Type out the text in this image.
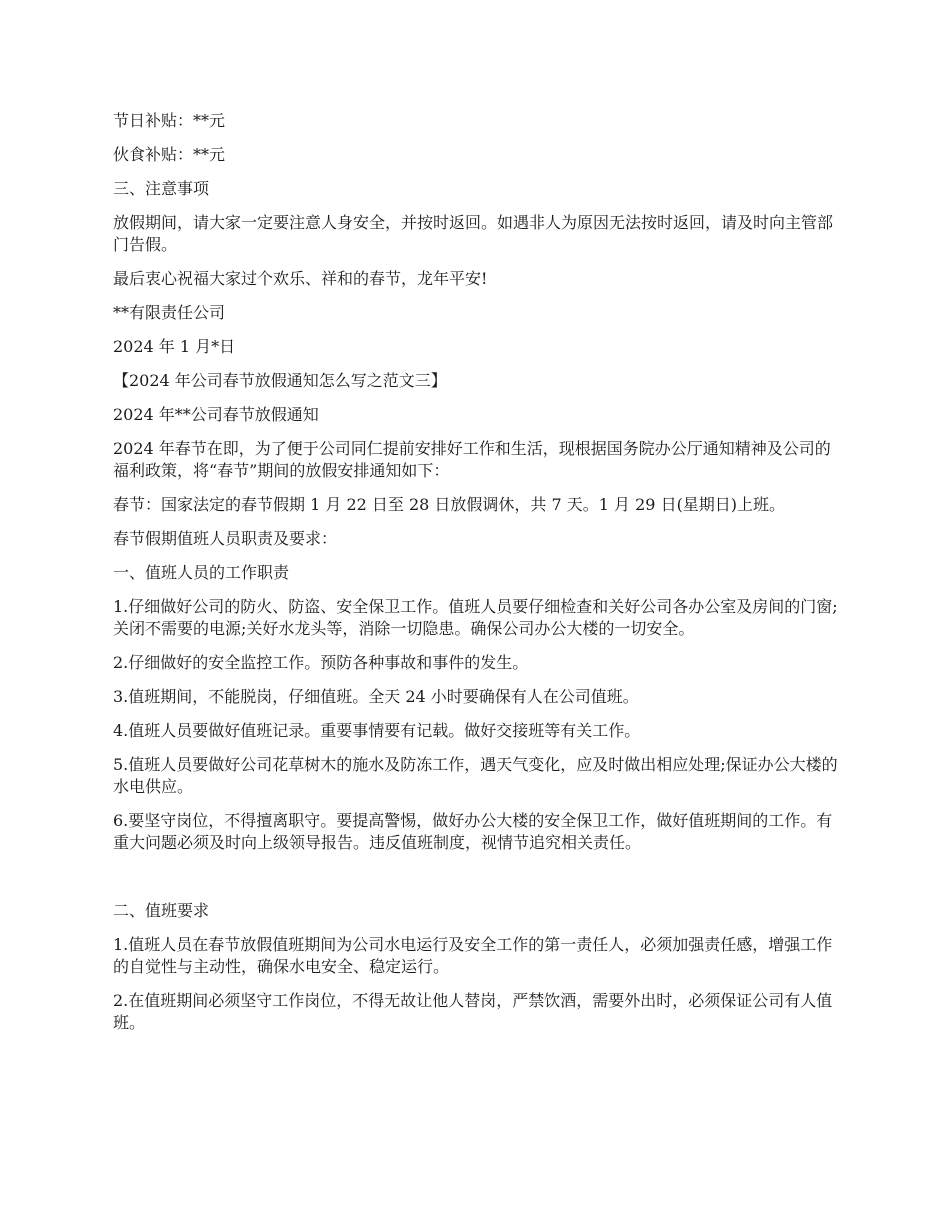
节日补贴：**元

伙食补贴：**元

三、注意事项

放假期间，请大家一定要注意人身安全，并按时返回。如遇非人为原因无法按时返回，请及时向主管部门告假。

最后衷心祝福大家过个欢乐、祥和的春节，龙年平安!

**有限责任公司

2024 年 1 月*日

【2024 年公司春节放假通知怎么写之范文三】

2024 年**公司春节放假通知

2024 年春节在即，为了便于公司同仁提前安排好工作和生活，现根据国务院办公厅通知精神及公司的福利政策，将“春节”期间的放假安排通知如下：

春节：国家法定的春节假期 1 月 22 日至 28 日放假调休，共 7 天。1 月 29 日(星期日)上班。

春节假期值班人员职责及要求：

一、值班人员的工作职责

1.仔细做好公司的防火、防盗、安全保卫工作。值班人员要仔细检查和关好公司各办公室及房间的门窗;关闭不需要的电源;关好水龙头等，消除一切隐患。确保公司办公大楼的一切安全。

2.仔细做好的安全监控工作。预防各种事故和事件的发生。

3.值班期间，不能脱岗，仔细值班。全天 24 小时要确保有人在公司值班。

4.值班人员要做好值班记录。重要事情要有记载。做好交接班等有关工作。

5.值班人员要做好公司花草树木的施水及防冻工作，遇天气变化，应及时做出相应处理;保证办公大楼的水电供应。

6.要坚守岗位，不得擅离职守。要提高警惕，做好办公大楼的安全保卫工作，做好值班期间的工作。有重大问题必须及时向上级领导报告。违反值班制度，视情节追究相关责任。

二、值班要求

1.值班人员在春节放假值班期间为公司水电运行及安全工作的第一责任人，必须加强责任感，增强工作的自觉性与主动性，确保水电安全、稳定运行。

2.在值班期间必须坚守工作岗位，不得无故让他人替岗，严禁饮酒，需要外出时，必须保证公司有人值班。
